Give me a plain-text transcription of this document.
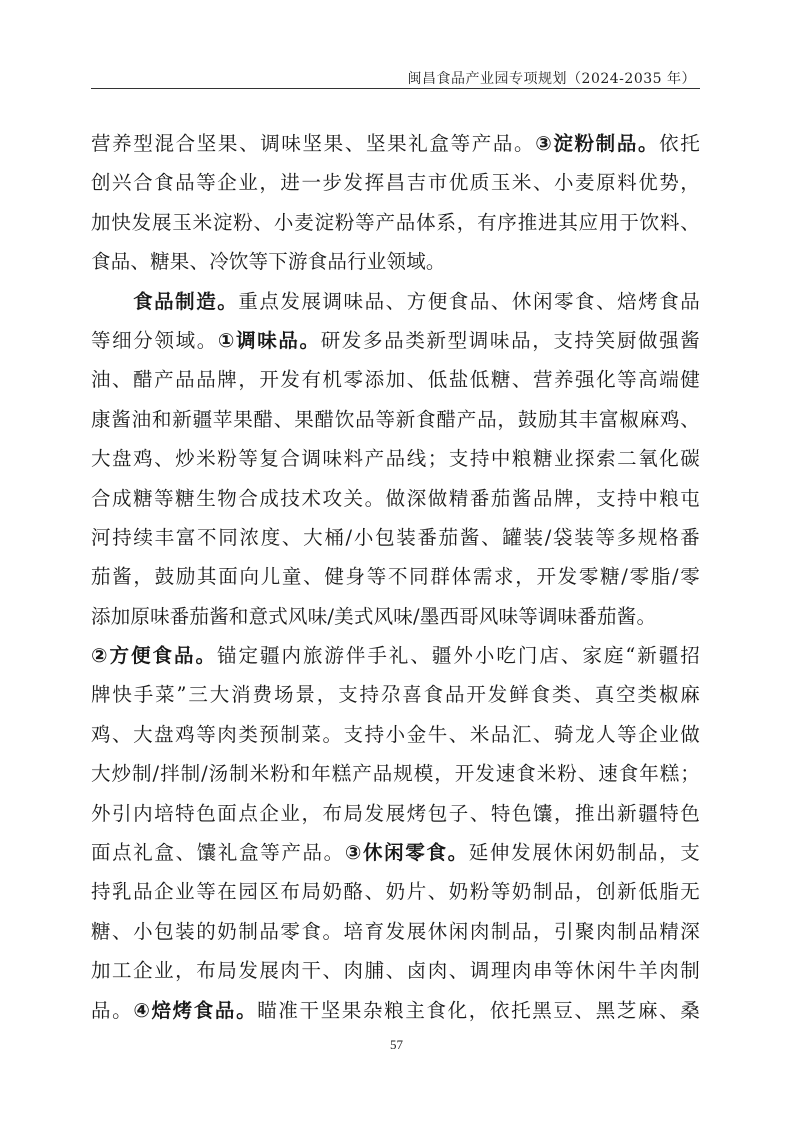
闽昌食品产业园专项规划（2024-2035 年）
营养型混合坚果、调味坚果、坚果礼盒等产品。③淀粉制品。依托
创兴合食品等企业，进一步发挥昌吉市优质玉米、小麦原料优势，
加快发展玉米淀粉、小麦淀粉等产品体系，有序推进其应用于饮料、
食品、糖果、冷饮等下游食品行业领域。
　　食品制造。重点发展调味品、方便食品、休闲零食、焙烤食品
等细分领域。①调味品。研发多品类新型调味品，支持笑厨做强酱
油、醋产品品牌，开发有机零添加、低盐低糖、营养强化等高端健
康酱油和新疆苹果醋、果醋饮品等新食醋产品，鼓励其丰富椒麻鸡、
大盘鸡、炒米粉等复合调味料产品线；支持中粮糖业探索二氧化碳
合成糖等糖生物合成技术攻关。做深做精番茄酱品牌，支持中粮屯
河持续丰富不同浓度、大桶/小包装番茄酱、罐装/袋装等多规格番
茄酱，鼓励其面向儿童、健身等不同群体需求，开发零糖/零脂/零
添加原味番茄酱和意式风味/美式风味/墨西哥风味等调味番茄酱。
②方便食品。锚定疆内旅游伴手礼、疆外小吃门店、家庭“新疆招
牌快手菜”三大消费场景，支持尕喜食品开发鲜食类、真空类椒麻
鸡、大盘鸡等肉类预制菜。支持小金牛、米品汇、骑龙人等企业做
大炒制/拌制/汤制米粉和年糕产品规模，开发速食米粉、速食年糕；
外引内培特色面点企业，布局发展烤包子、特色馕，推出新疆特色
面点礼盒、馕礼盒等产品。③休闲零食。延伸发展休闲奶制品，支
持乳品企业等在园区布局奶酪、奶片、奶粉等奶制品，创新低脂无
糖、小包装的奶制品零食。培育发展休闲肉制品，引聚肉制品精深
加工企业，布局发展肉干、肉脯、卤肉、调理肉串等休闲牛羊肉制
品。④焙烤食品。瞄准干坚果杂粮主食化，依托黑豆、黑芝麻、桑
57
